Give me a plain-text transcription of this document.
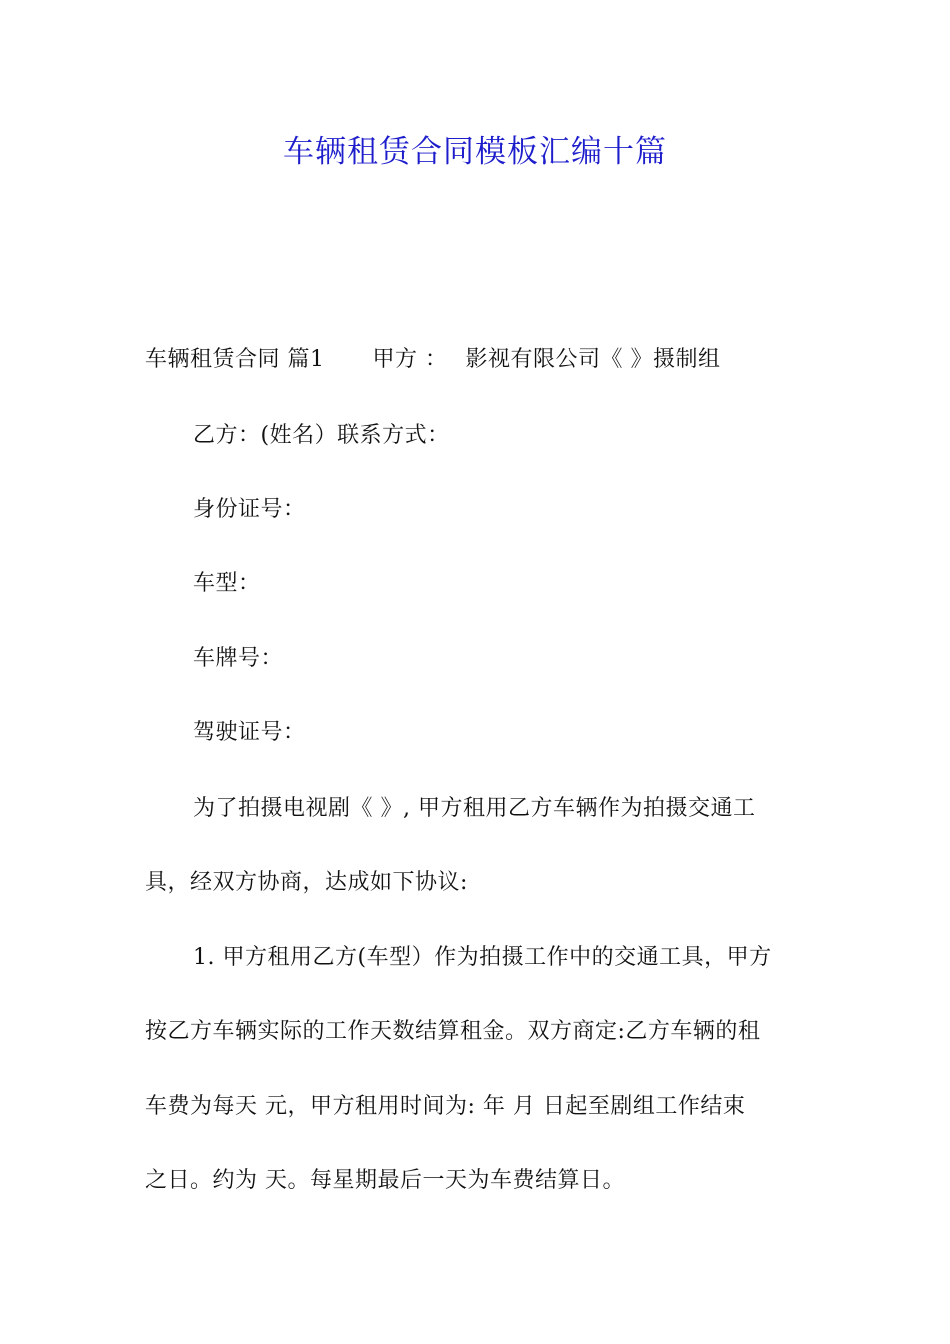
车辆租赁合同模板汇编十篇
车辆租赁合同 篇1 甲方 ： 影视有限公司《 》摄制组
乙方：(姓名）联系方式：
身份证号：
车型：
车牌号：
驾驶证号：
为了拍摄电视剧《 》, 甲方租用乙方车辆作为拍摄交通工
具，经双方协商，达成如下协议:
1. 甲方租用乙方(车型）作为拍摄工作中的交通工具，甲方
按乙方车辆实际的工作天数结算租金。双方商定:乙方车辆的租
车费为每天 元，甲方租用时间为: 年 月 日起至剧组工作结束
之日。约为 天。每星期最后一天为车费结算日。
